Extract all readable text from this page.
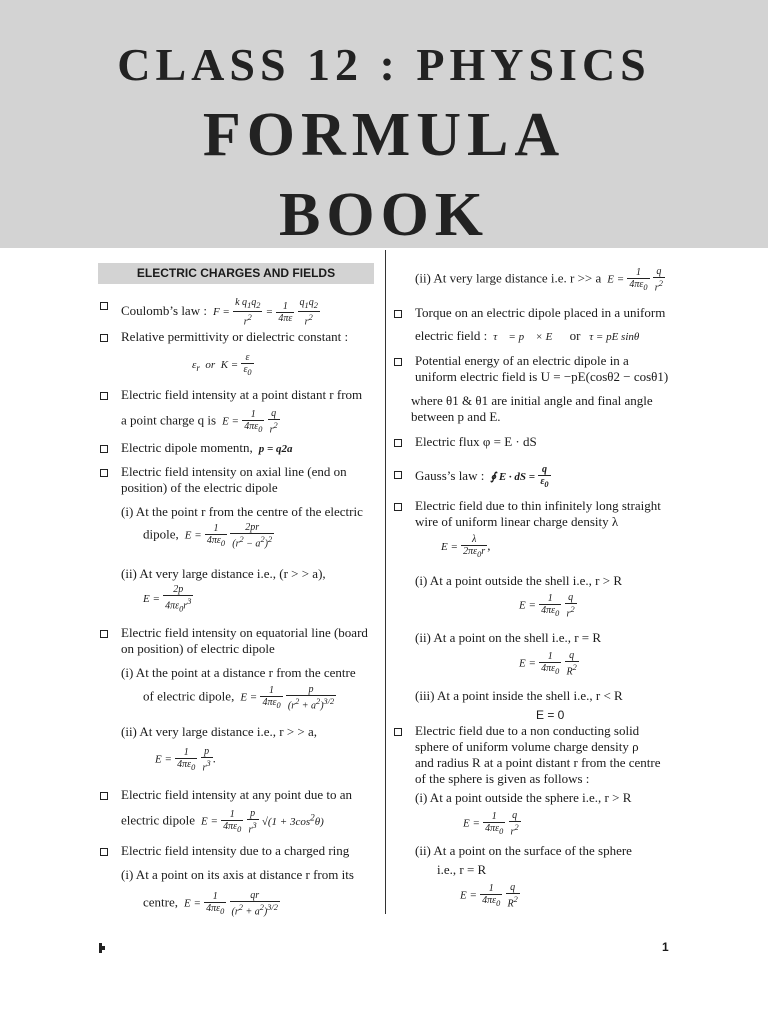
CLASS 12 : PHYSICS
FORMULA
BOOK
ELECTRIC CHARGES AND FIELDS
Coulomb’s law :  $F = \frac{k q_1q_2}{r^2} = \frac{1}{4\pi\varepsilon}$
$\frac{q_1q_2}{r^2}$
Relative permittivity or dielectric constant :
$\varepsilon_r$  or  $K = \frac{\varepsilon}{\varepsilon_0}$
Electric field intensity at a point distant r from
a point charge q is  $E = \frac{1}{4\pi\varepsilon_0}$
$\frac{q}{r^2}$
Electric dipole momentn,  p = q2a
Electric field intensity on axial line (end on
position) of the electric dipole
(i) At the point r from the centre of the electric
dipole,  $E = \frac{1}{4\pi\varepsilon_0}$
$\frac{2pr}{(r^2 - a^2)^2}$
(ii) At very large distance i.e., (r > > a),
$E = \frac{2p}{4\pi\varepsilon_0r^3}$
Electric field intensity on equatorial line (board
on position) of electric dipole
(i) At the point at a distance r from the centre
of electric dipole,  $E = \frac{1}{4\pi\varepsilon_0}$
$\frac{p}{(r^2 + a^2)^{3/2}}$
(ii) At very large distance i.e., r > > a,
$E = \frac{1}{4\pi\varepsilon_0}$
$\frac{p}{r^3}$ .
Electric field intensity at any point due to an
electric dipole  $E = \frac{1}{4\pi\varepsilon_0}$
$\frac{p}{r^3} √(1 + 3\cos^2\theta)$
Electric field intensity due to a charged ring
(i) At a point on its axis at distance r from its
centre,  $E = \frac{1}{4\pi\varepsilon_0}$
$\frac{qr}{(r^2 + a^2)^{3/2}}$
(ii) At very large distance i.e. r >> a  $E = \frac{1}{4\pi\varepsilon_0}$
$\frac{q}{r^2}$
Torque on an electric dipole placed in a uniform
electric field :  τ⃗ = p⃗ × E⃗   or   τ = pE sinθ
Potential energy of an electric dipole in a
uniform electric field is U = −pE(cosθ2 − cosθ1)
where θ1 & θ1 are initial angle and final angle
between p and E.
Electric flux φ = E · dS
Gauss’s law :  ∮ E · dS = $\frac{q}{\varepsilon_0}$
Electric field due to thin infinitely long straight
wire of uniform linear charge density λ
$E = \frac{\lambda}{2\pi\varepsilon_0r}$ ,
(i) At a point outside the shell i.e., r > R
$E = \frac{1}{4\pi\varepsilon_0}$
$\frac{q}{r^2}$
(ii) At a point on the shell i.e., r = R
$E = \frac{1}{4\pi\varepsilon_0}$
$\frac{q}{R^2}$
(iii) At a point inside the shell i.e., r < R
E = 0
Electric field due to a non conducting solid
sphere of uniform volume charge density ρ
and radius R at a point distant r from the centre
of the sphere is given as follows :
(i) At a point outside the sphere i.e., r > R
$E = \frac{1}{4\pi\varepsilon_0}$
$\frac{q}{r^2}$
(ii) At a point on the surface of the sphere
i.e., r = R
$E = \frac{1}{4\pi\varepsilon_0}$
$\frac{q}{R^2}$
1
